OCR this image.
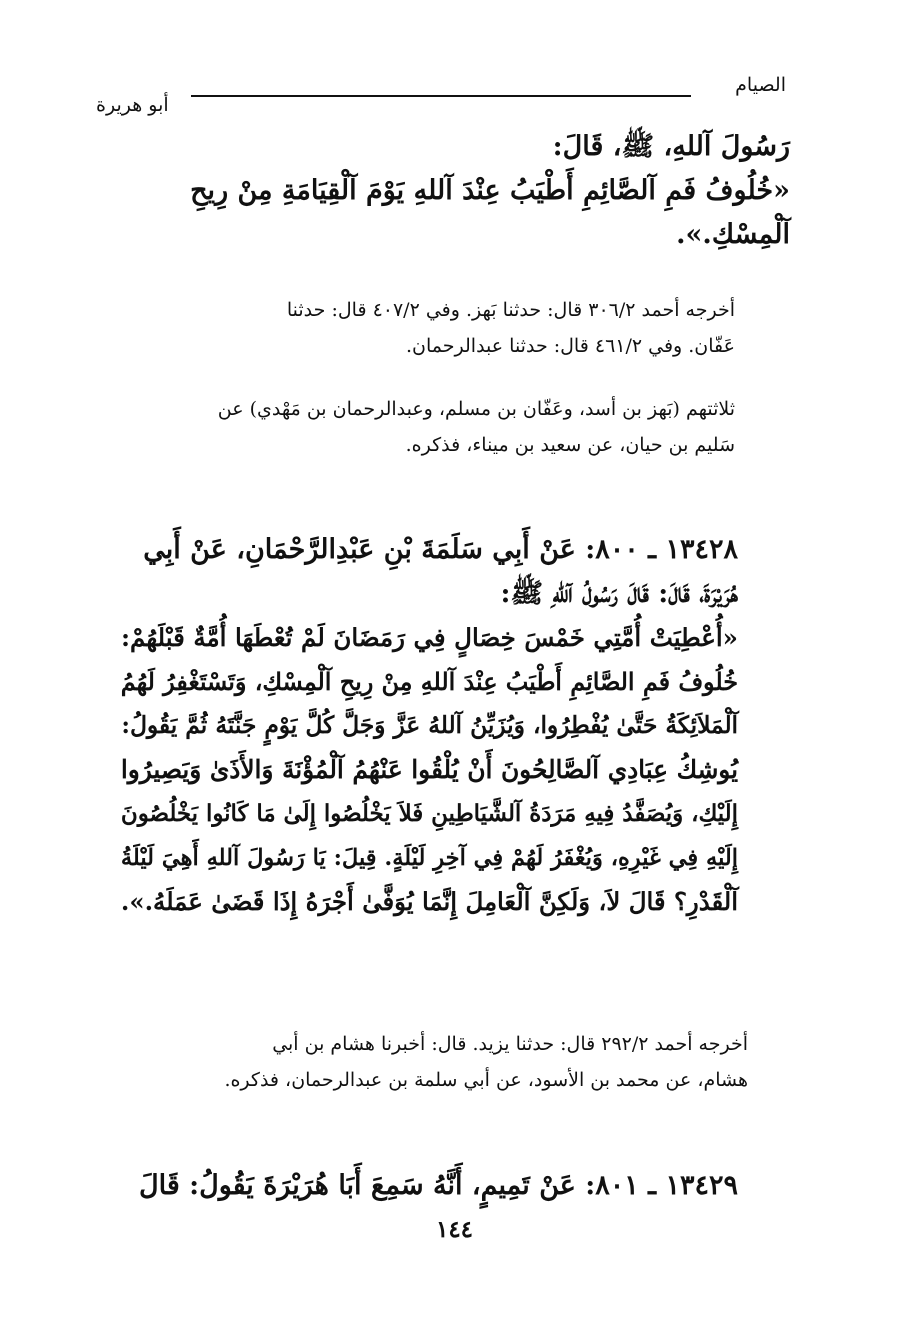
الصيام
أبو هريرة
رَسُولَ آللهِ، ﷺ، قَالَ:
«خُلُوفُ فَمِ آلصَّائِمِ أَطْيَبُ عِنْدَ آللهِ يَوْمَ آلْقِيَامَةِ مِنْ رِيحِ
آلْمِسْكِ.».
أخرجه أحمد ٣٠٦/٢ قال: حدثنا بَهز. وفي ٤٠٧/٢ قال: حدثنا
عَفّان. وفي ٤٦١/٢ قال: حدثنا عبدالرحمان.
ثلاثتهم (بَهز بن أسد، وعَفّان بن مسلم، وعبدالرحمان بن مَهْدي) عن
سَليم بن حيان، عن سعيد بن ميناء، فذكره.
١٣٤٢٨ ـ ٨٠٠: عَنْ أَبِي سَلَمَةَ بْنِ عَبْدِالرَّحْمَانِ، عَنْ أَبِي
هُرَيْرَةَ، قَالَ: قَالَ رَسُولُ آللهِ ﷺ:
«أُعْطِيَتْ أُمَّتِي خَمْسَ خِصَالٍ فِي رَمَضَانَ لَمْ تُعْطَهَا أُمَّةٌ قَبْلَهُمْ:
خُلُوفُ فَمِ الصَّائِمِ أَطْيَبُ عِنْدَ آللهِ مِنْ رِيحِ آلْمِسْكِ، وَتَسْتَغْفِرُ لَهُمُ
آلْمَلاَئِكَةُ حَتَّىٰ يُفْطِرُوا، وَيُزَيِّنُ آللهُ عَزَّ وَجَلَّ كُلَّ يَوْمٍ جَنَّتَهُ ثُمَّ يَقُولُ:
يُوشِكُ عِبَادِي آلصَّالِحُونَ أَنْ يُلْقُوا عَنْهُمُ آلْمُؤْنَةَ وَالأَذَىٰ وَيَصِيرُوا
إِلَيْكِ، وَيُصَفَّدُ فِيهِ مَرَدَةُ آلشَّيَاطِينِ فَلاَ يَخْلُصُوا إِلَىٰ مَا كَانُوا يَخْلُصُونَ
إِلَيْهِ فِي غَيْرِهِ، وَيُغْفَرُ لَهُمْ فِي آخِرِ لَيْلَةٍ. قِيلَ: يَا رَسُولَ آللهِ أَهِيَ لَيْلَةُ
آلْقَدْرِ؟ قَالَ لاَ، وَلَكِنَّ آلْعَامِلَ إِنَّمَا يُوَفَّىٰ أَجْرَهُ إِذَا قَضَىٰ عَمَلَهُ.».
أخرجه أحمد ٢٩٢/٢ قال: حدثنا يزيد. قال: أخبرنا هشام بن أبي
هشام، عن محمد بن الأسود، عن أبي سلمة بن عبدالرحمان، فذكره.
١٣٤٢٩ ـ ٨٠١: عَنْ تَمِيمٍ، أَنَّهُ سَمِعَ أَبَا هُرَيْرَةَ يَقُولُ: قَالَ
١٤٤
